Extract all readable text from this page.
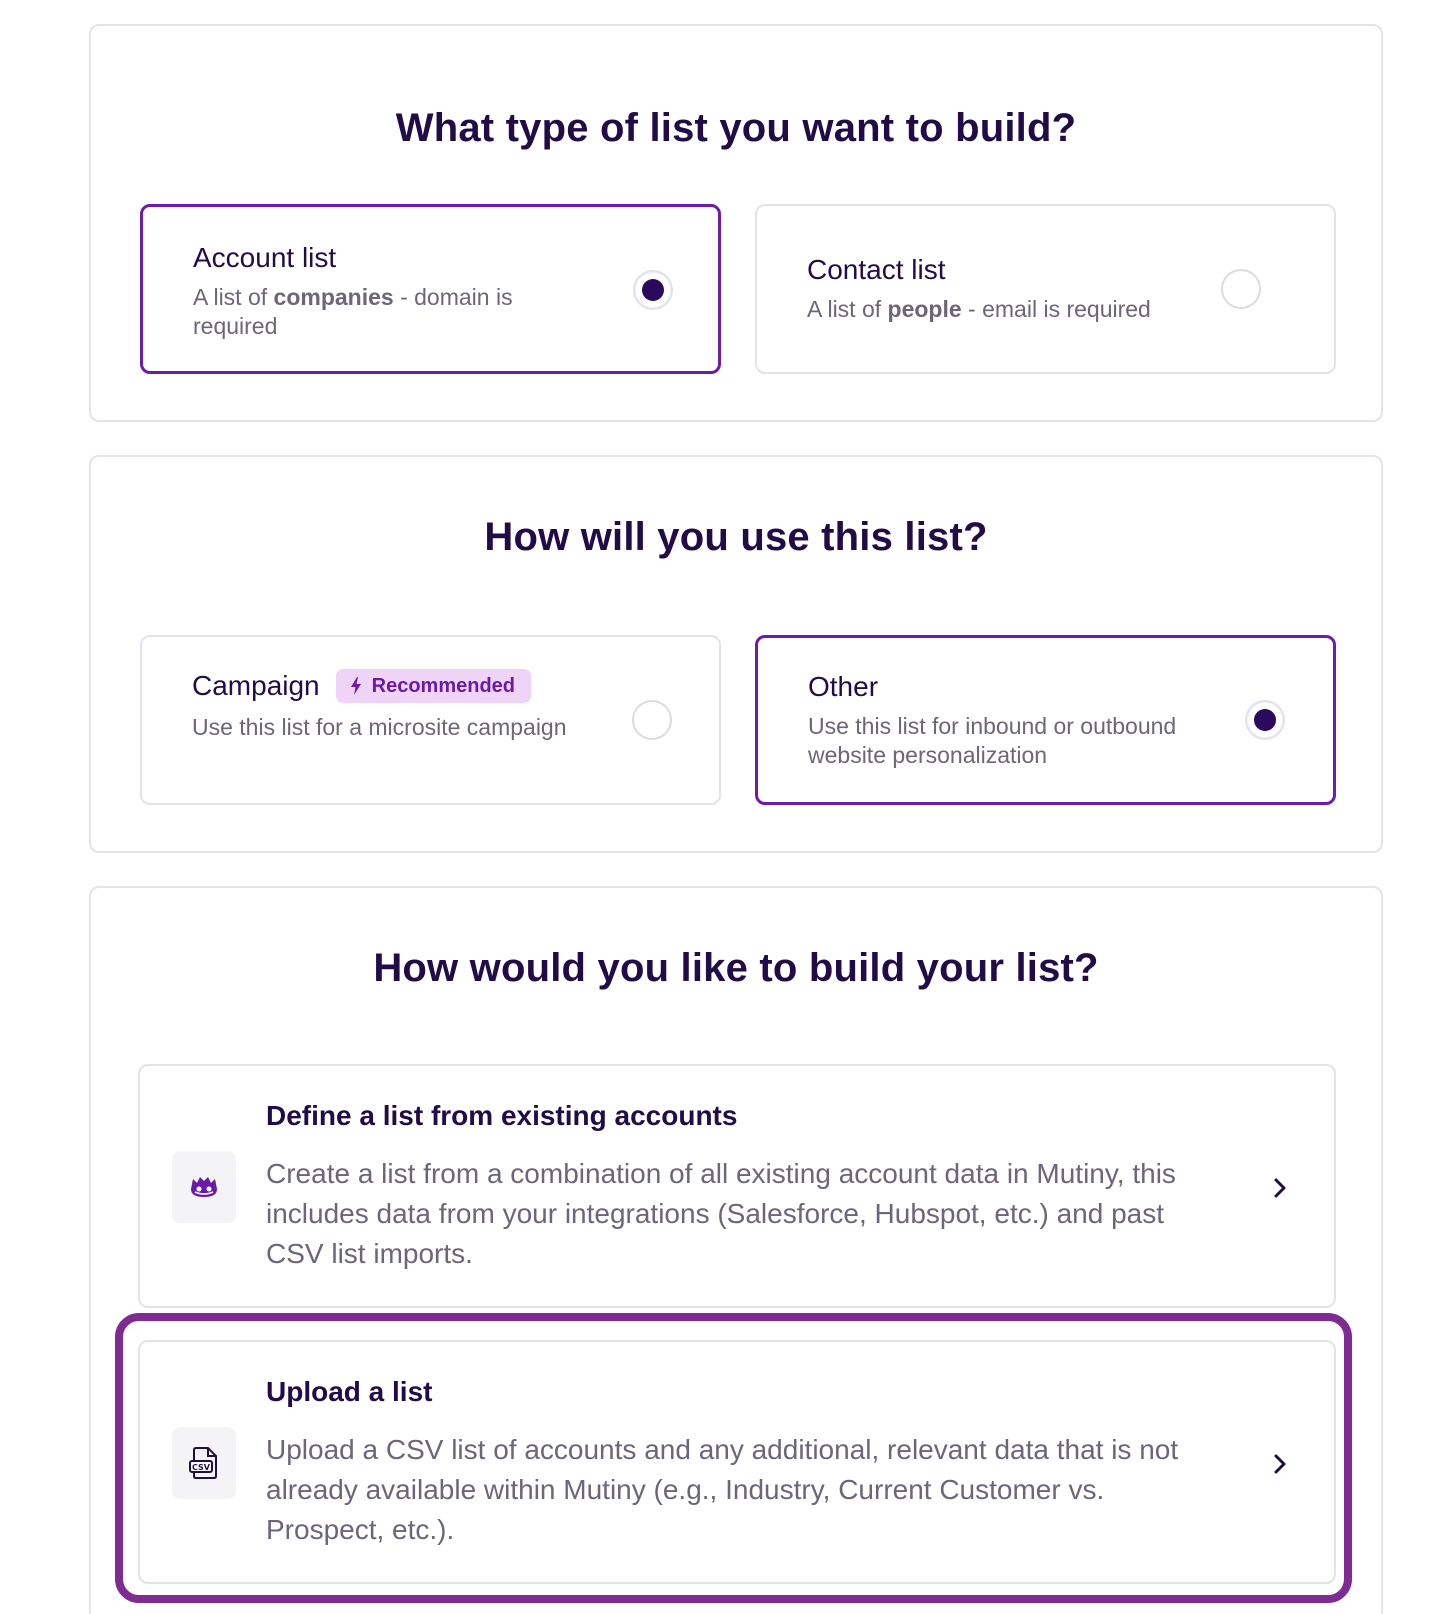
What type of list you want to build?
Account list
A list of companies - domain is required
Contact list
A list of people - email is required
How will you use this list?
Campaign	Recommended
Use this list for a microsite campaign
Other
Use this list for inbound or outbound website personalization
How would you like to build your list?
Define a list from existing accounts
Create a list from a combination of all existing account data in Mutiny, this includes data from your integrations (Salesforce, Hubspot, etc.) and past CSV list imports.
CSV
Upload a list
Upload a CSV list of accounts and any additional, relevant data that is not already available within Mutiny (e.g., Industry, Current Customer vs. Prospect, etc.).
